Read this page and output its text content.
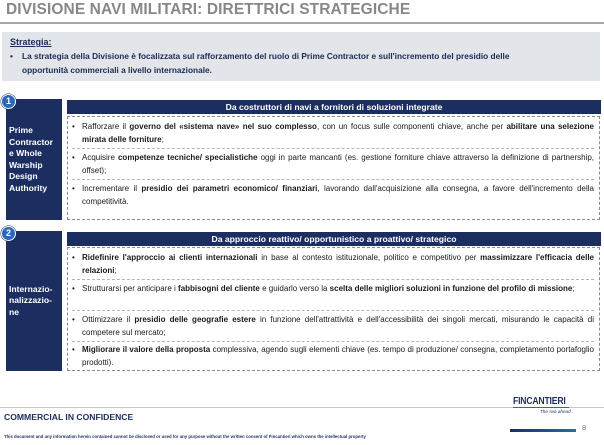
DIVISIONE NAVI MILITARI: DIRETTRICI STRATEGICHE
Strategia:
• La strategia della Divisione è focalizzata sul rafforzamento del ruolo di Prime Contractor e sull'incremento del presidio delle
opportunità commerciali a livello internazionale.
Prime
Contractor
e Whole
Warship
Design
Authority
1
Da costruttori di navi a fornitori di soluzioni integrate
• Rafforzare il governo del «sistema nave» nel suo complesso, con un focus sulle componenti chiave, anche per abilitare una selezione mirata delle forniture;
• Acquisire competenze tecniche/ specialistiche oggi in parte mancanti (es. gestione forniture chiave attraverso la definizione di partnership, offset);
• Incrementare il presidio dei parametri economico/ finanziari, lavorando dall'acquisizione alla consegna, a favore dell'incremento della competitività.
Internazio-
nalizzazio-
ne
2
Da approccio reattivo/ opportunistico a proattivo/ strategico
• Ridefinire l'approccio ai clienti internazionali in base al contesto istituzionale, politico e competitivo per massimizzare l'efficacia delle relazioni;
• Strutturarsi per anticipare i fabbisogni del cliente e guidarlo verso la scelta delle migliori soluzioni in funzione del profilo di missione;
• Ottimizzare il presidio delle geografie estere in funzione dell'attrattività e dell'accessibilità dei singoli mercati, misurando le capacità di competere sul mercato;
• Migliorare il valore della proposta complessiva, agendo sugli elementi chiave (es. tempo di produzione/ consegna, completamento portafoglio prodotti).
COMMERCIAL IN CONFIDENCE
This document and any information herein contained cannot be disclosed or used for any purpose without the written consent of Fincantieri which owns the intellectual property
FINCANTIERI
The sea ahead
8
